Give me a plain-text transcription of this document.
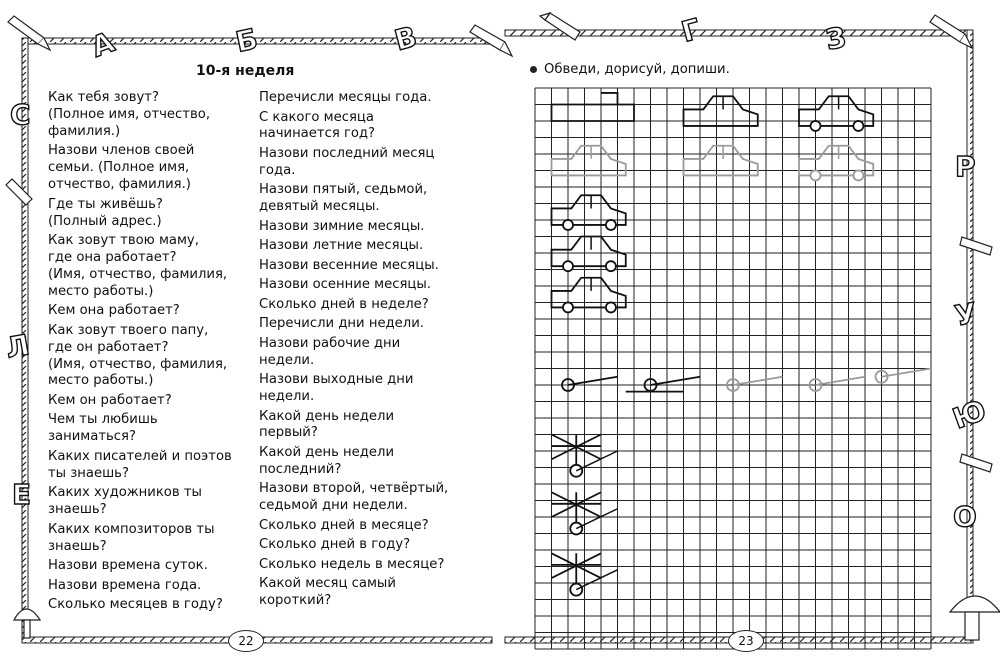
А	Б	В	Г	З
С
Л
Е
Р
У
Ю
О
10-я неделя
Как тебя зовут?
(Полное имя, отчество,
фамилия.)
Назови членов своей
семьи. (Полное имя,
отчество, фамилия.)
Где ты живёшь?
(Полный адрес.)
Как зовут твою маму,
где она работает?
(Имя, отчество, фамилия,
место работы.)
Кем она работает?
Как зовут твоего папу,
где он работает?
(Имя, отчество, фамилия,
место работы.)
Кем он работает?
Чем ты любишь
заниматься?
Каких писателей и поэтов
ты знаешь?
Каких художников ты
знаешь?
Каких композиторов ты
знаешь?
Назови времена суток.
Назови времена года.
Сколько месяцев в году?
Перечисли месяцы года.
С какого месяца
начинается год?
Назови последний месяц
года.
Назови пятый, седьмой,
девятый месяцы.
Назови зимние месяцы.
Назови летние месяцы.
Назови весенние месяцы.
Назови осенние месяцы.
Сколько дней в неделе?
Перечисли дни недели.
Назови рабочие дни
недели.
Назови выходные дни
недели.
Какой день недели
первый?
Какой день недели
последний?
Назови второй, четвёртый,
седьмой дни недели.
Сколько дней в месяце?
Сколько дней в году?
Сколько недель в месяце?
Какой месяц самый
короткий?
22
Обведи, дорисуй, допиши.
23
